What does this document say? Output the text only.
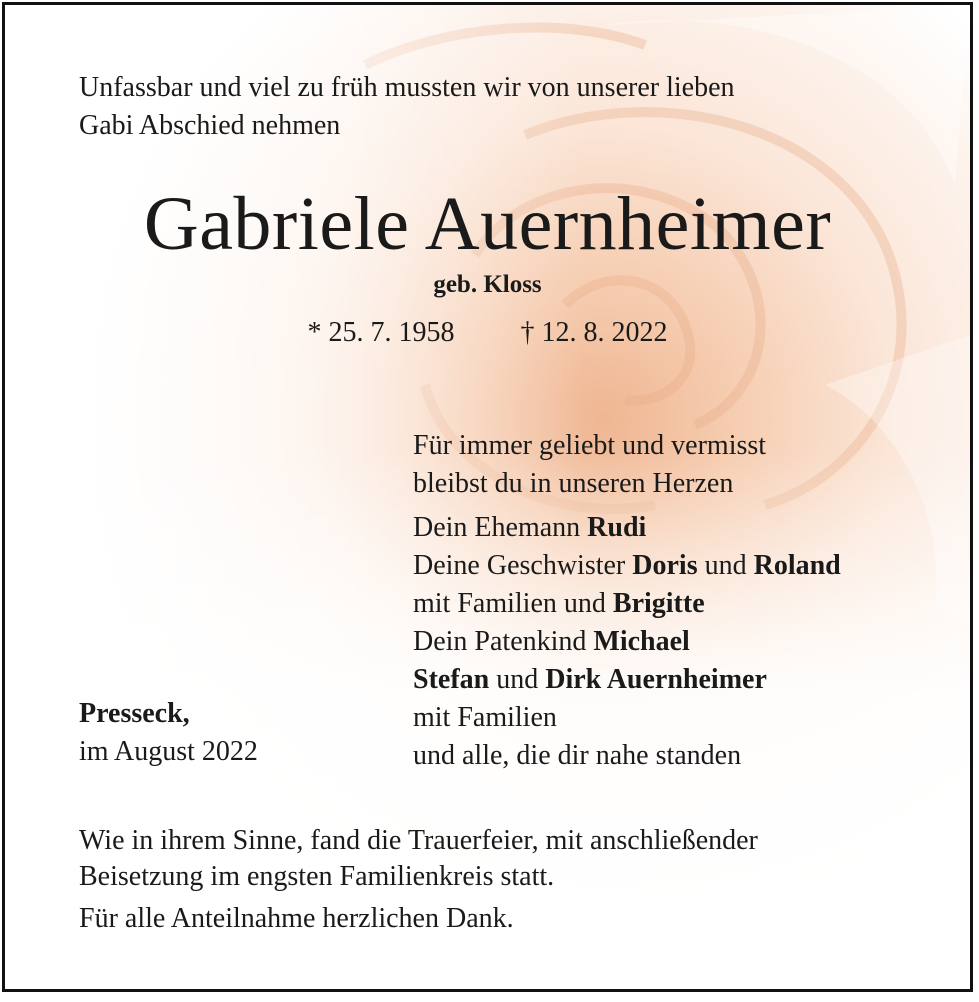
Unfassbar und viel zu früh mussten wir von unserer lieben
Gabi Abschied nehmen
Gabriele Auernheimer
geb. Kloss
* 25. 7. 1958 † 12. 8. 2022
Für immer geliebt und vermisst
bleibst du in unseren Herzen
Dein Ehemann Rudi
Deine Geschwister Doris und Roland
mit Familien und Brigitte
Dein Patenkind Michael
Stefan und Dirk Auernheimer
mit Familien
und alle, die dir nahe standen
Presseck,
im August 2022
Wie in ihrem Sinne, fand die Trauerfeier, mit anschließender
Beisetzung im engsten Familienkreis statt.
Für alle Anteilnahme herzlichen Dank.
